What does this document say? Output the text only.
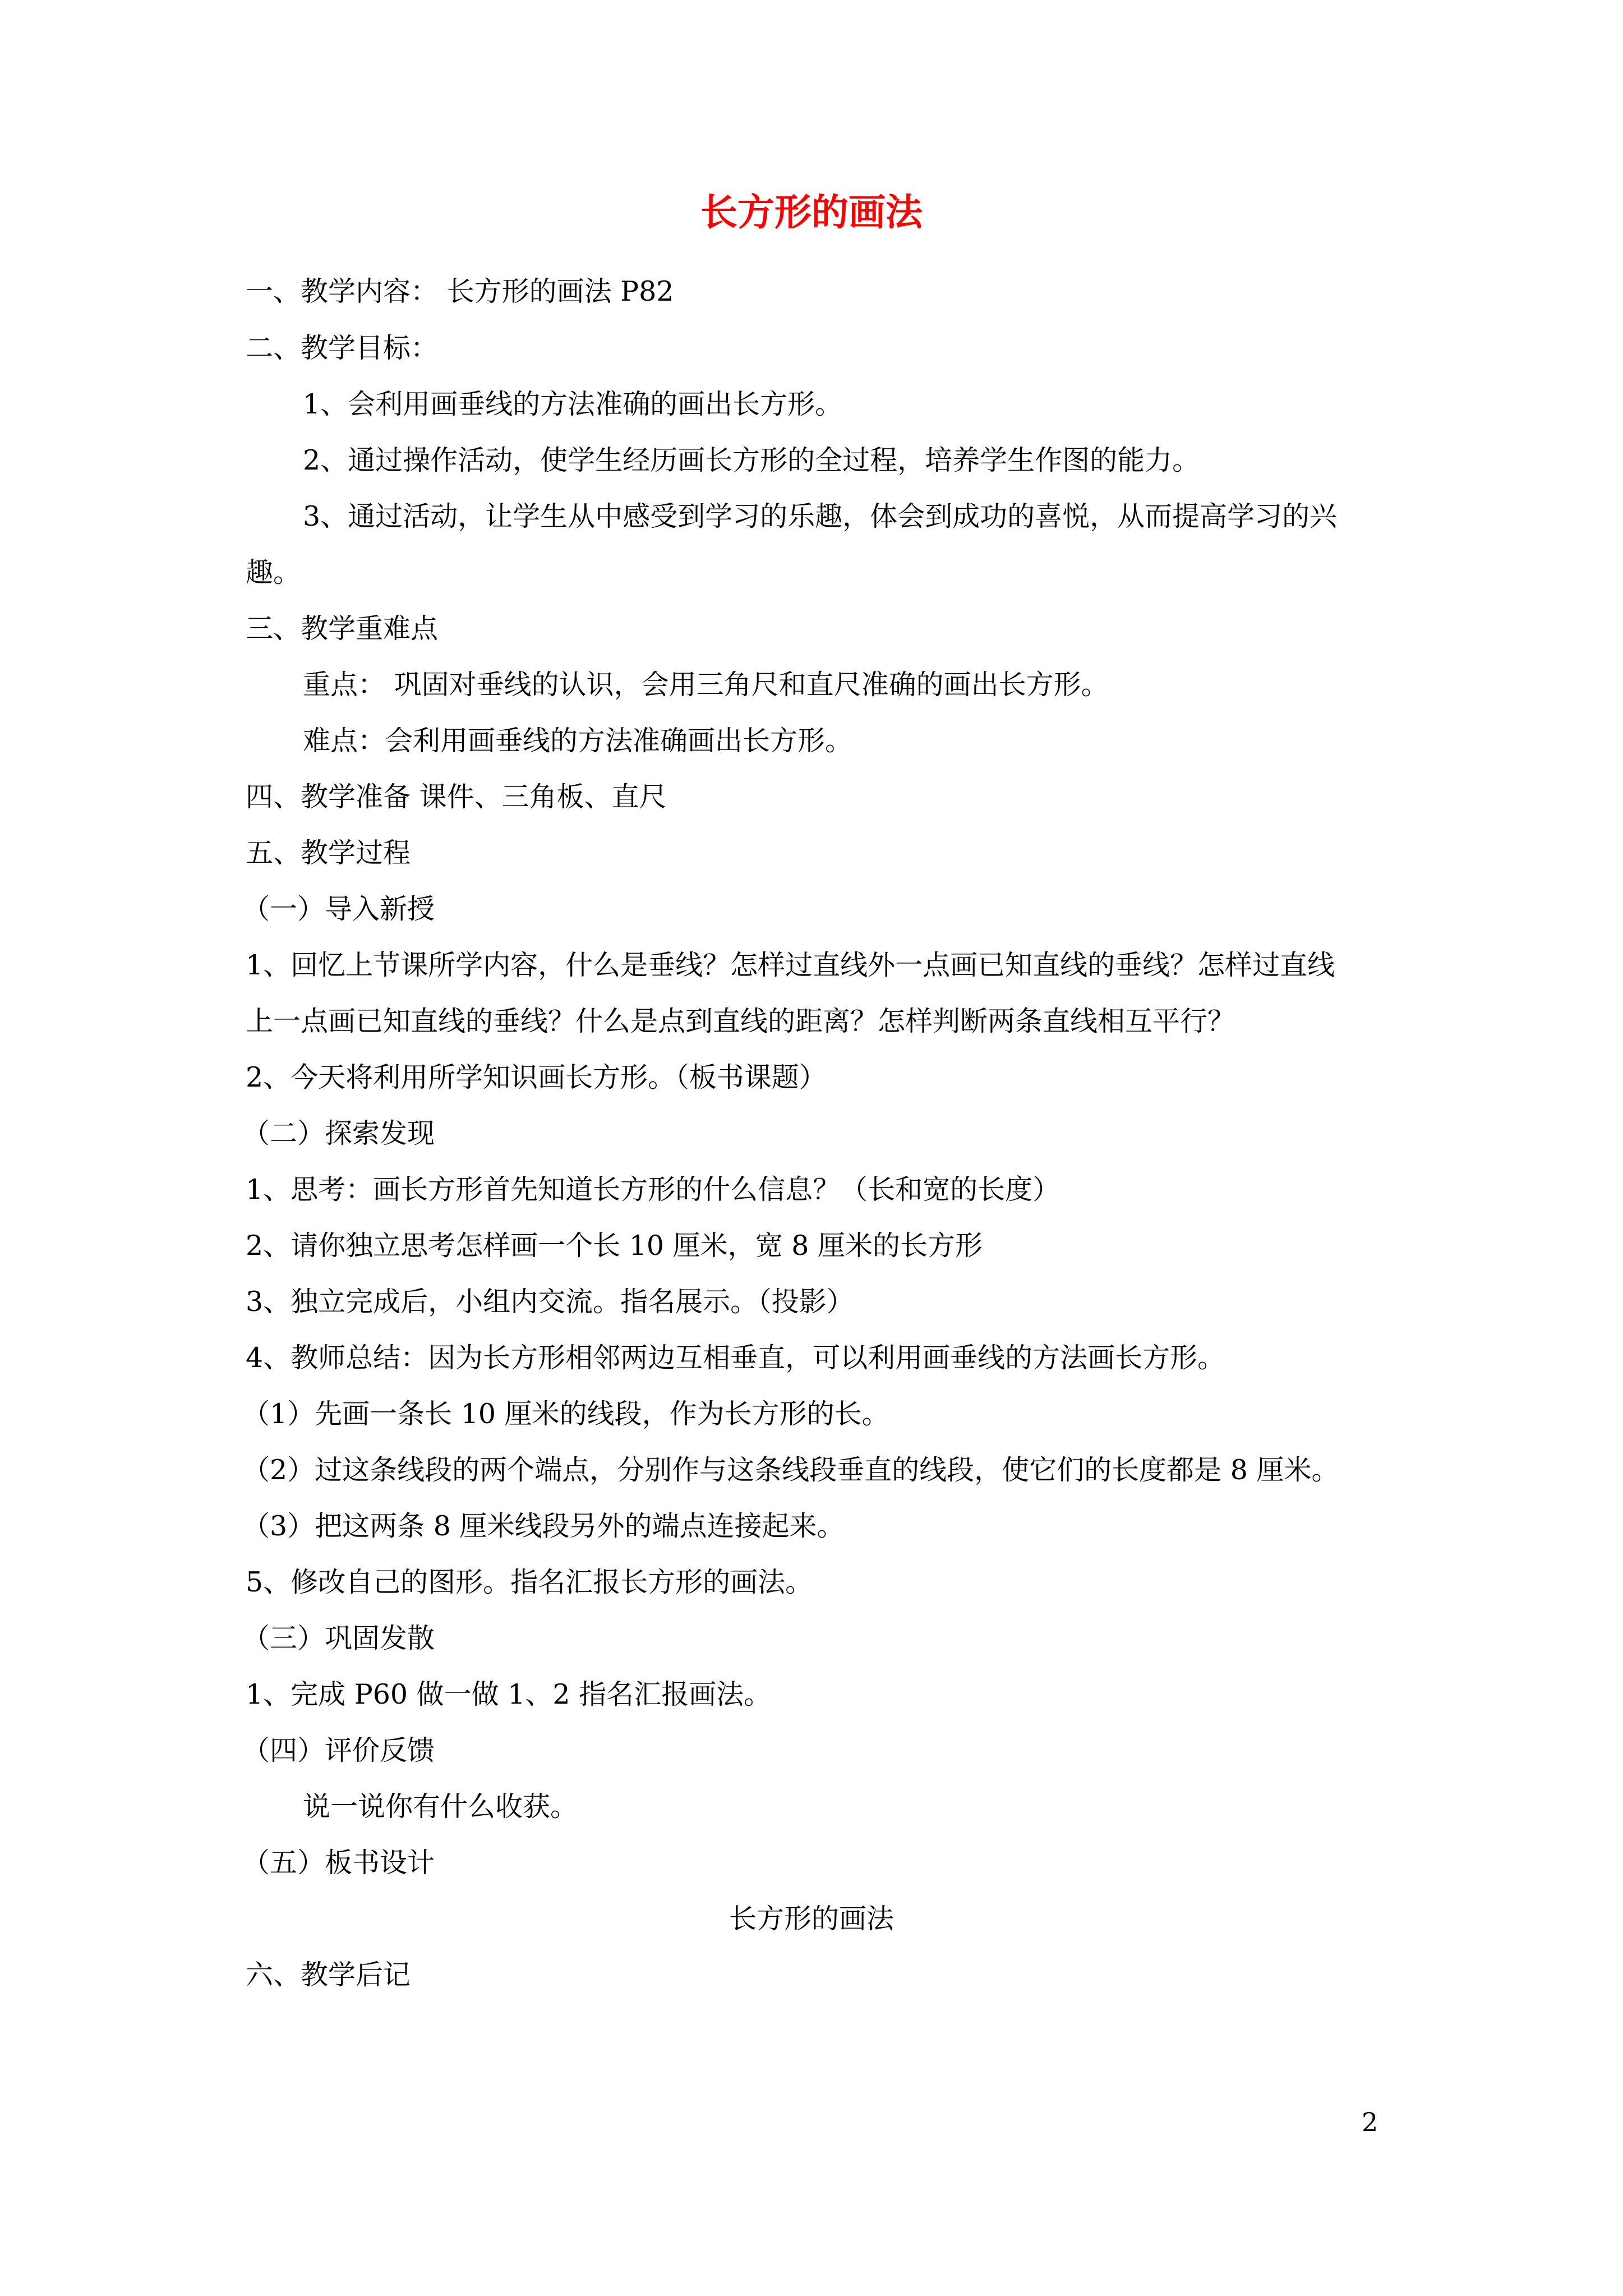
长方形的画法
一、教学内容： 长方形的画法 P82
二、教学目标：
1、会利用画垂线的方法准确的画出长方形。
2、通过操作活动，使学生经历画长方形的全过程，培养学生作图的能力。
3、通过活动，让学生从中感受到学习的乐趣，体会到成功的喜悦，从而提高学习的兴
趣。
三、教学重难点
重点： 巩固对垂线的认识，会用三角尺和直尺准确的画出长方形。
难点：会利用画垂线的方法准确画出长方形。
四、教学准备 课件、三角板、直尺
五、教学过程
（一）导入新授
1、回忆上节课所学内容，什么是垂线？怎样过直线外一点画已知直线的垂线？怎样过直线
上一点画已知直线的垂线？什么是点到直线的距离？怎样判断两条直线相互平行？
2、今天将利用所学知识画长方形。（板书课题）
（二）探索发现
1、思考：画长方形首先知道长方形的什么信息？（长和宽的长度）
2、请你独立思考怎样画一个长 10 厘米，宽 8 厘米的长方形
3、独立完成后，小组内交流。指名展示。（投影）
4、教师总结：因为长方形相邻两边互相垂直，可以利用画垂线的方法画长方形。
（1）先画一条长 10 厘米的线段，作为长方形的长。
（2）过这条线段的两个端点，分别作与这条线段垂直的线段，使它们的长度都是 8 厘米。
（3）把这两条 8 厘米线段另外的端点连接起来。
5、修改自己的图形。指名汇报长方形的画法。
（三）巩固发散
1、完成 P60 做一做 1、2 指名汇报画法。
（四）评价反馈
说一说你有什么收获。
（五）板书设计
长方形的画法
六、教学后记
2
